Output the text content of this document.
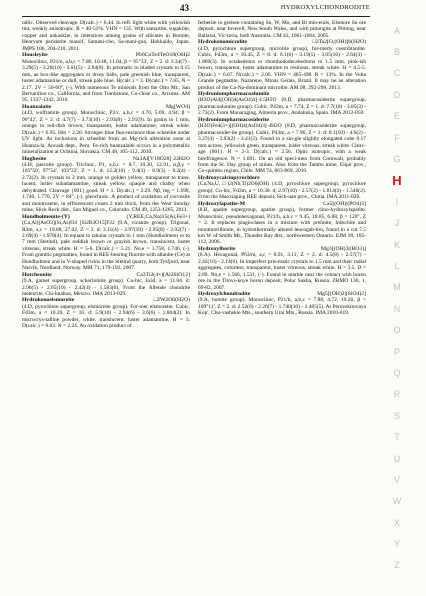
43	HYDROXYLCHONDRODITE
tallic. Observed cleavage. D(calc.) = 6.44. In refl. light white with yellowish tint, weakly anisotropic. R = 40-51%. VHN = 135. With samartite, sugakiite, copper and unkaskite, in interstices among grains of silicates in Bornite, Henryum peridotite massif, Samani-cho, Sa-mani-gun, Hokkaido, Japan. JMPS 106, 204-210, 2011.
Housleyite	Pb6CuTe4TeO18(OH)2
Monoclinic, P21/n, a,b,c = 7.86, 10.48, 11.04, β = 95°33', Z = 2. d: 3.34(7) - 3.29(5) - 3.20(10) - 3.01(5) - 2.94(8). In prismatic to bladed crystals to 0.15 mm, as box-like aggregates or drusy balls, pale greenish blue, transparent, luster adamantine or dull, streak pale blue. H(calc.) = 3. D(calc.) = 7.85, N = 2.17, 2V = 50-60°, (-). With numerous Te minerals from the Otto Mt., San Bernardino co., California, and from Tombstone, Co-chise co., Arizona. AM 95, 1337-1342, 2010.
Huanzalaite	Mg[WO4]
(4.D, wolframite group). Monoclinic, P2/c. a,b,c = 4.70, 5.69, 4.94, β = 90°42', Z = 2. d: 4.7(7) - 3.73(10) - 2.93(8) - 2.91(9). In grains to 1 mm, orange to red-dish brown, transparent, luster adamantine, streak white. D(calc.) = 6.95. Hm = 2.20. Stronger blue fluo-rescence than scheelite under UV light. As inclusions in scheelite from an Mg-rich alteration zone at Huanza-la, Ancash dept., Peru. Fe-rich huanzalaite occurs in a polymetallic mineralization at Ochtiná, Slovakia. CM 48, 105-112, 2010.
Hughesite	Na3Al[V10O28]·22H2O
(4.H, pascoite group). Triclinic, P1, a,b,c = 8.7, 10.30, 12.91, α,β,γ = 105°50', 97°54', 103°22', Z = 1. d: 12.2(10) - 9.4(3) - 8.9(3) - 8.2(4) - 2.72(2). In crystals to 2 mm, orange to golden yellow, transparent to trans-lucent, luster subadamantine, streak yellow, opaque and chalky when dehydrated. Cleavage {001} good. H = 1. D(calc.) = 2.29. Nβ, mg = 1.698, 1.740, 1.770, 2V = 84°, (-). pleochroic. A product of oxidation of corvusite and montroseite, in efflorescent crusts 2 mm thick, from the West Sunday mine, Slick Rock dist., San Miguel co., Colorado. CM 49, 1253-1265, 2011.
Hundholmenite-(Y)	(Y,REE,Ca,Na)15(Al,Fe3+)
(Ca,Al)[AsO3](Si,As)O4 [Si2B3O15]F22 (9.A, vicanite group). Trigonal, R3m, a,c = 10.68, 27.02, Z = 3. d: 3.11(4) - 2.97(10) - 2.95(8) - 2.92(7) - 2.69(4) - 1.978(4). In equant to tabular crystals to 1 mm (Hundholmen) or to 7 mm (Stetind), pale reddish brown or grayish brown, translucent, luster vitreous, streak white. H = 5-6. D(calc.) = 5.21. No,e = 1.758, 1.746, (-). From granitic pegmatites, found in REE-bearing fluorite with allanite-(Ce) at Hundholmen and in V-shaped twins in the Stetind quarry, both Tysfjord, near Narvik, Nordland, Norway. MM 71, 179-192, 2007.
Hutcheonite	Ca3Ti2(4+)[Al2SiO12]
(9.A, garnet supergroup, schorlomite group). Cu-bic, Ia3d, a = 11.84. d: 2.96(5) - 2.65(10) - 2.42(4) - 1.583(6). From the Allende chondrite meteorite, Chi-huahua, Mexico. IMA 2013-029.
Hydrokenoelsmoreite	□2W2O6(H2O)
(4.D, pyrochlore supergroup, elsmoreite group). For-mer elsmoreite. Cubic, Fd3m, a = 10.20, Z = 16. d: 5.9(10) - 2.94(6) - 3.6(6) - 1.804(2). In microcrys-talline powder, white, translucent, luster adamantine. H = 3. D(calc.) = 6.03. N = 2.24. An oxidation product of
ferberite in greisen containing Sn, W, Mo, and Bi min-erals, Elsmore Sn ore deposit, near Inverell, New South Wales, and with pittongite at Pittong, near Ballarat, Vic-toria, both Australia. CM 43, 1061-1064, 2005.
Hydrokenomicrolite	□2Ta2[O,(OH)]6(H2O)
(4.D, pyrochlore supergroup, microlite group), for-merly cesstibtantite. Cubic, Fd3m, a = 10.45, Z = 8. d: 6.1(6) - 3.19(5) - 3.05(10) - 2.64(3) - 1.869(3). In octahedrons or rhombododecahedrons to 1.5 mm, pink-ish brown, transparent, luster adamantine to resinous, streak white. H = 4.5-5. D(calc.) = 6.67. N(calc.) = 2.06. VHN = 485-498. R = 13%. In the Volta Grande pegmatite, Nazareno, Minas Gerais, Brazil. It may be an alteration product of the Ca-Na-dominant microlite. AM 98, 292-296, 2013.
Hydroniumpharmacoalumite
(H3O)Al4[(OH)4(AsO4)3]·4.5H2O (8.D, pharmacosiderite supergroup, pharmacoalumite group). Cubic, P43m, a = 7.74, Z = 1. d: 7.7(10) - 3.85(3) - 2.73(2). From Maoaraging, Almería prov., Andalusia, Spain. IMA 2012-050.
Hydroniumpharmacosiderite
(H3O)Fe4(3+)[(OH)4(AsO4)3]·4H2O (8.D, pharmacosiderite supergroup, pharmacosider-ite group). Cubic, P43m, a = 7.96, Z = 1. d: 8.1(10) - 4.6(2) - 3.27(4) - 2.83(2) - 2.41(3). Found in a sin-gle slightly elongated cube 0.17 mm across, yellowish green, transparent, luster vitreous, streak white. Cleav-age {001}. H = 2-3. D(calc.) = 2.56. Optic isotropic, with a weak birefringence. N = 1.691. On an old speci-men from Cornwall, probably from the St. Day group of mines. Also from the Tambo mine, Elqui prov., Co-quimbo region, Chile. MM 74, 863-869, 2010.
Hydroxycalciopyrochlore
(Ca,Na,U,□)2(Nb,Ti)2O6(OH) (4.D, pyrochlore supergroup, pyrochlore group). Cu-bic, Fd3m, a = 10.38. d: 2.97(10) - 2.57(2) - 1.814(3) - 1.546(2). From the Maoxiaping REE deposit, Sich-uan prov., China. IMA 2011-026.
Hydroxylapatite-M	Ca5[(OH)|(PO4)3]
(8.B, apatite supergroup, apatite group), former clino-hydroxylapatite. Monoclinic, pseudohexagonal, P21/b, a,b,c = 9.45, 18.85, 6.88, β = 120°, Z = 2. It replaces plagioclases in a mixture with prehnite, hibschite and montmorillonite, in hydrothermally altered leucogab-bro, found in a cut 7.5 km W of Smith Mt., Thunder Bay dist., northwestern Ontario. EJM 18, 105-112, 2006.
Hydroxylborite	Mg3[(OH)3|(BO3)]
(6.A). Hexagonal, P63/m, a,c = 8.91, 3.11, Z = 2. d: 4.5(8) - 2.57(7) - 2.42(10) - 2.14(6). In imperfect pris-matic crystals to 1.5 mm and their radial aggregates, colorless, transparent, luster vitreous, streak white. H = 3.5. D = 2.89. No,e = 1.566, 1.531, (-). Found in marble near the contact with boron ore in the Titovs-koye boron deposit, Polar Sakha, Russia. ZRMO 136, 1, 69-82, 2007.
Hydroxylchondrodite	Mg5[(OH)2|(SiO4)2]
(9.A, humite group). Monoclinic, P21/b, a,b,c = 7.88, 4.72, 10.26, β = 109°11', Z = 2. d: 2.52(6) - 2.26(7) - 1.740(10) - 1.485(5). At Perovskitovaya Kop', Chu-vashskie Mts., southern Ural Mts., Russia. IMA 2010-019.
A
B
C
D
E
F
G
H
I
J
K
L
M
N
O
P
Q
R
S
T
U
V
W
X
Y
Z
